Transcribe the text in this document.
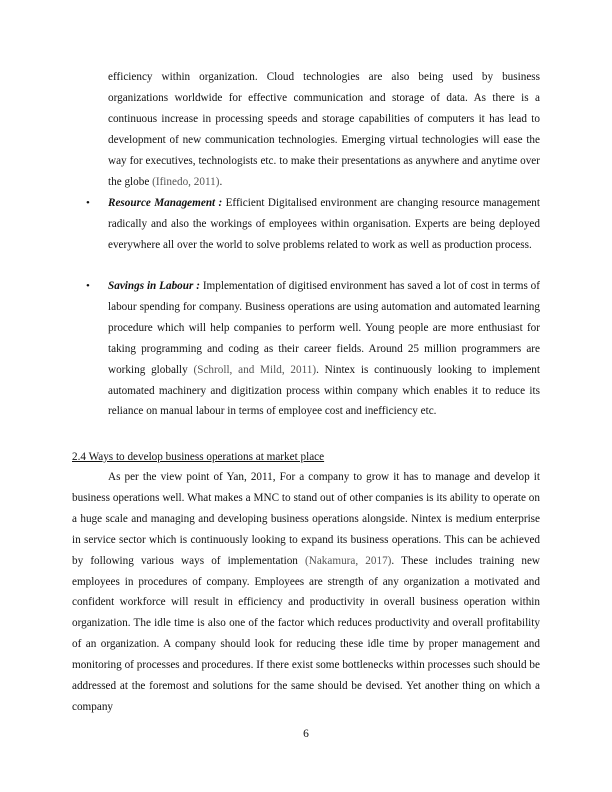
efficiency within organization. Cloud technologies are also being used by business organizations worldwide for effective communication and storage of data. As there is a continuous increase in processing speeds and storage capabilities of computers it has lead to development of new communication technologies. Emerging virtual technologies will ease the way for executives, technologists etc. to make their presentations as anywhere and anytime over the globe (Ifinedo, 2011).
• Resource Management : Efficient Digitalised environment are changing resource management radically and also the workings of employees within organisation. Experts are being deployed everywhere all over the world to solve problems related to work as well as production process.
• Savings in Labour : Implementation of digitised environment has saved a lot of cost in terms of labour spending for company. Business operations are using automation and automated learning procedure which will help companies to perform well. Young people are more enthusiast for taking programming and coding as their career fields. Around 25 million programmers are working globally (Schroll, and Mild, 2011). Nintex is continuously looking to implement automated machinery and digitization process within company which enables it to reduce its reliance on manual labour in terms of employee cost and inefficiency etc.
2.4 Ways to develop business operations at market place
As per the view point of Yan, 2011, For a company to grow it has to manage and develop it business operations well. What makes a MNC to stand out of other companies is its ability to operate on a huge scale and managing and developing business operations alongside. Nintex is medium enterprise in service sector which is continuously looking to expand its business operations. This can be achieved by following various ways of implementation (Nakamura, 2017). These includes training new employees in procedures of company. Employees are strength of any organization a motivated and confident workforce will result in efficiency and productivity in overall business operation within organization. The idle time is also one of the factor which reduces productivity and overall profitability of an organization. A company should look for reducing these idle time by proper management and monitoring of processes and procedures. If there exist some bottlenecks within processes such should be addressed at the foremost and solutions for the same should be devised. Yet another thing on which a company
6
